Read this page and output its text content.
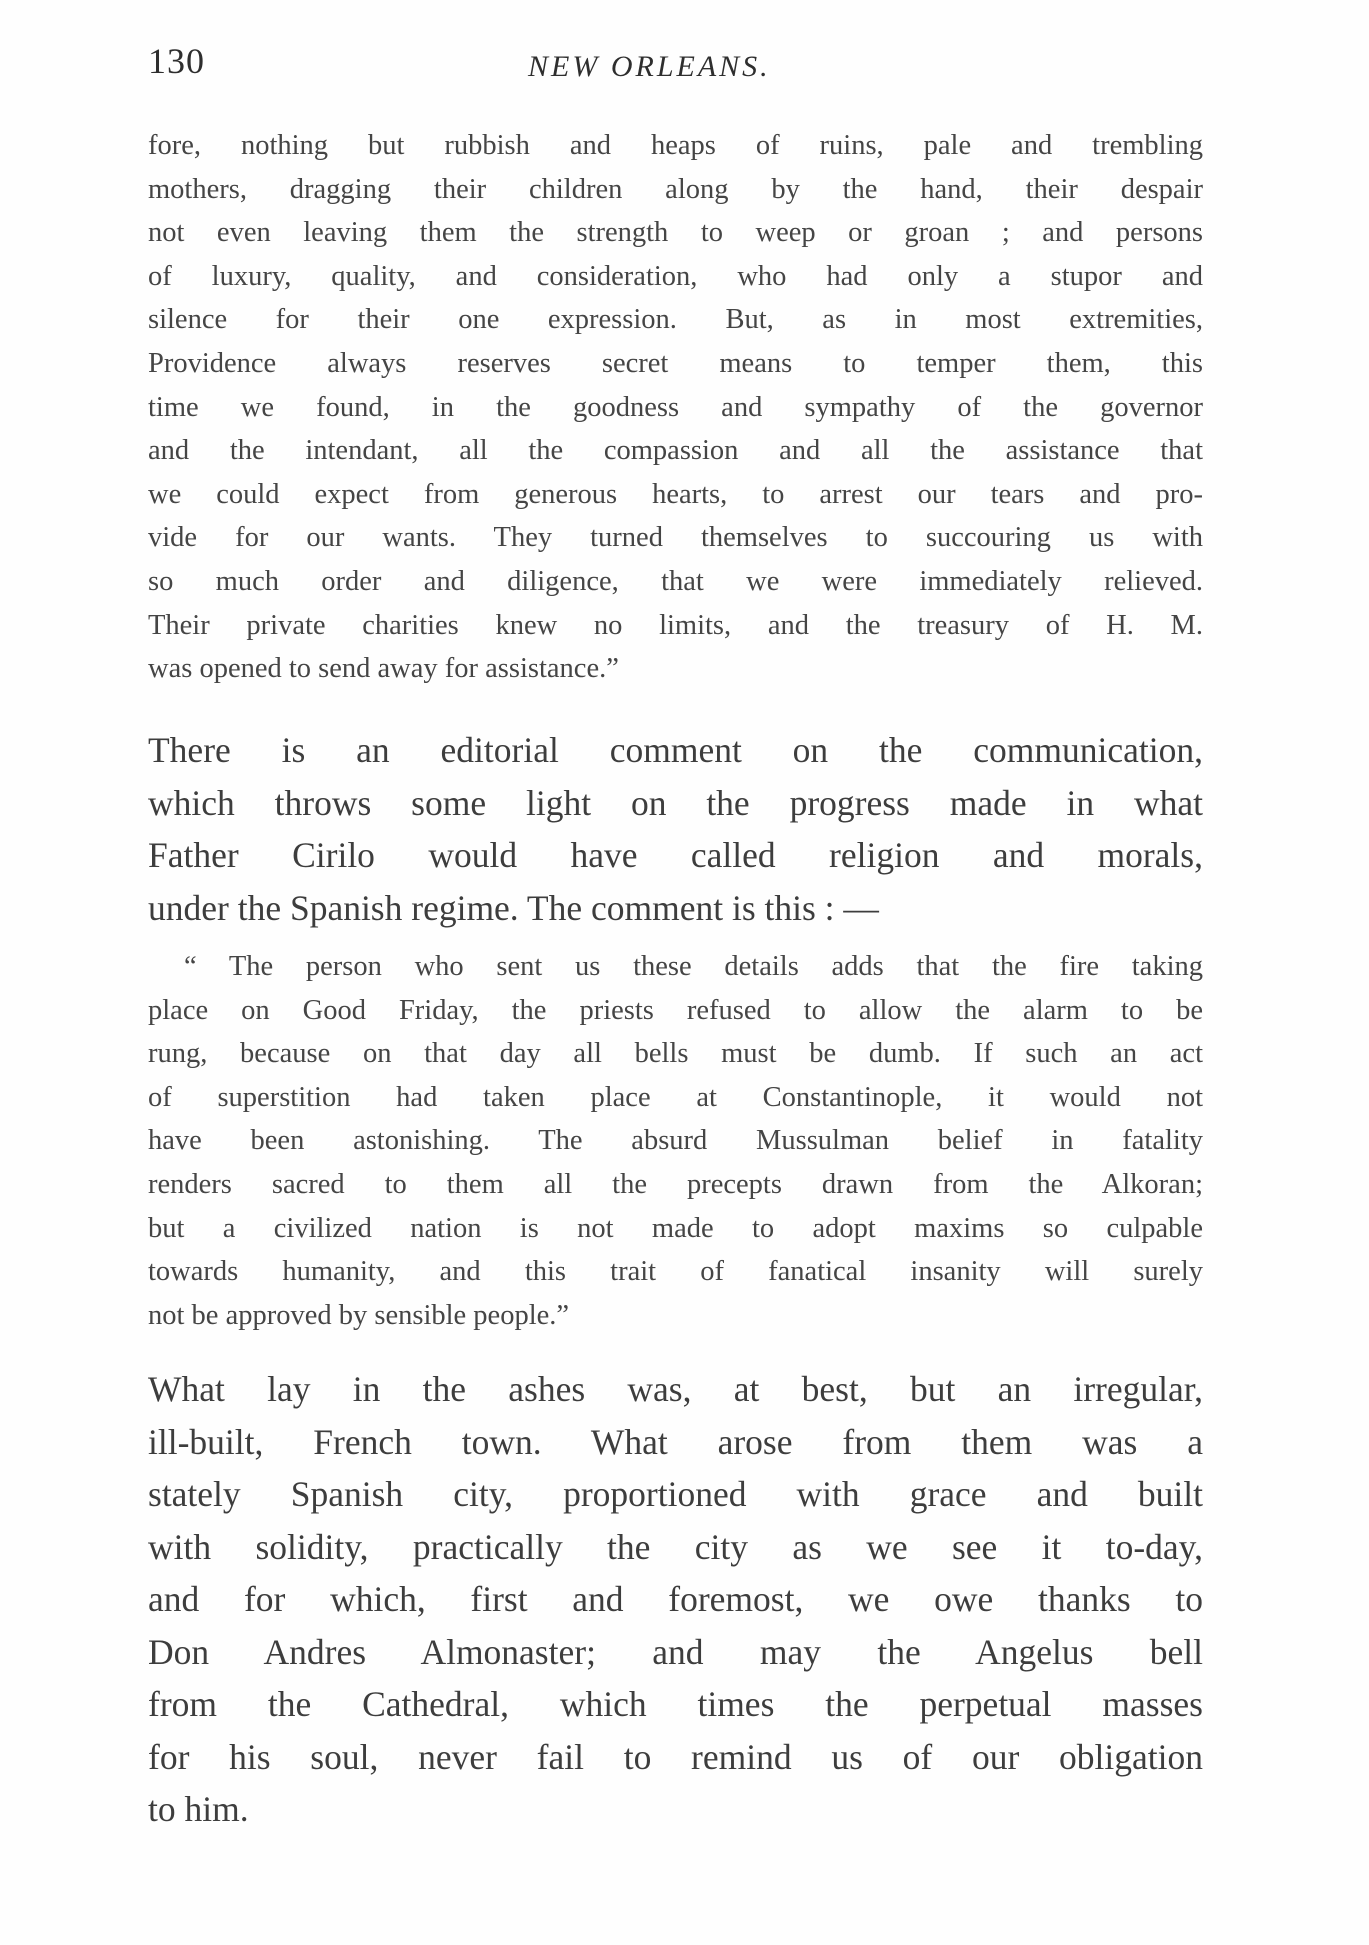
130	NEW ORLEANS.
fore, nothing but rubbish and heaps of ruins, pale and trembling
mothers, dragging their children along by the hand, their despair
not even leaving them the strength to weep or groan ; and persons
of luxury, quality, and consideration, who had only a stupor and
silence for their one expression. But, as in most extremities,
Providence always reserves secret means to temper them, this
time we found, in the goodness and sympathy of the governor
and the intendant, all the compassion and all the assistance that
we could expect from generous hearts, to arrest our tears and pro-
vide for our wants. They turned themselves to succouring us with
so much order and diligence, that we were immediately relieved.
Their private charities knew no limits, and the treasury of H. M.
was opened to send away for assistance.”
There is an editorial comment on the communication,
which throws some light on the progress made in what
Father Cirilo would have called religion and morals,
under the Spanish regime. The comment is this : —
“ The person who sent us these details adds that the fire taking
place on Good Friday, the priests refused to allow the alarm to be
rung, because on that day all bells must be dumb. If such an act
of superstition had taken place at Constantinople, it would not
have been astonishing. The absurd Mussulman belief in fatality
renders sacred to them all the precepts drawn from the Alkoran;
but a civilized nation is not made to adopt maxims so culpable
towards humanity, and this trait of fanatical insanity will surely
not be approved by sensible people.”
What lay in the ashes was, at best, but an irregular,
ill-built, French town. What arose from them was a
stately Spanish city, proportioned with grace and built
with solidity, practically the city as we see it to-day,
and for which, first and foremost, we owe thanks to
Don Andres Almonaster; and may the Angelus bell
from the Cathedral, which times the perpetual masses
for his soul, never fail to remind us of our obligation
to him.
